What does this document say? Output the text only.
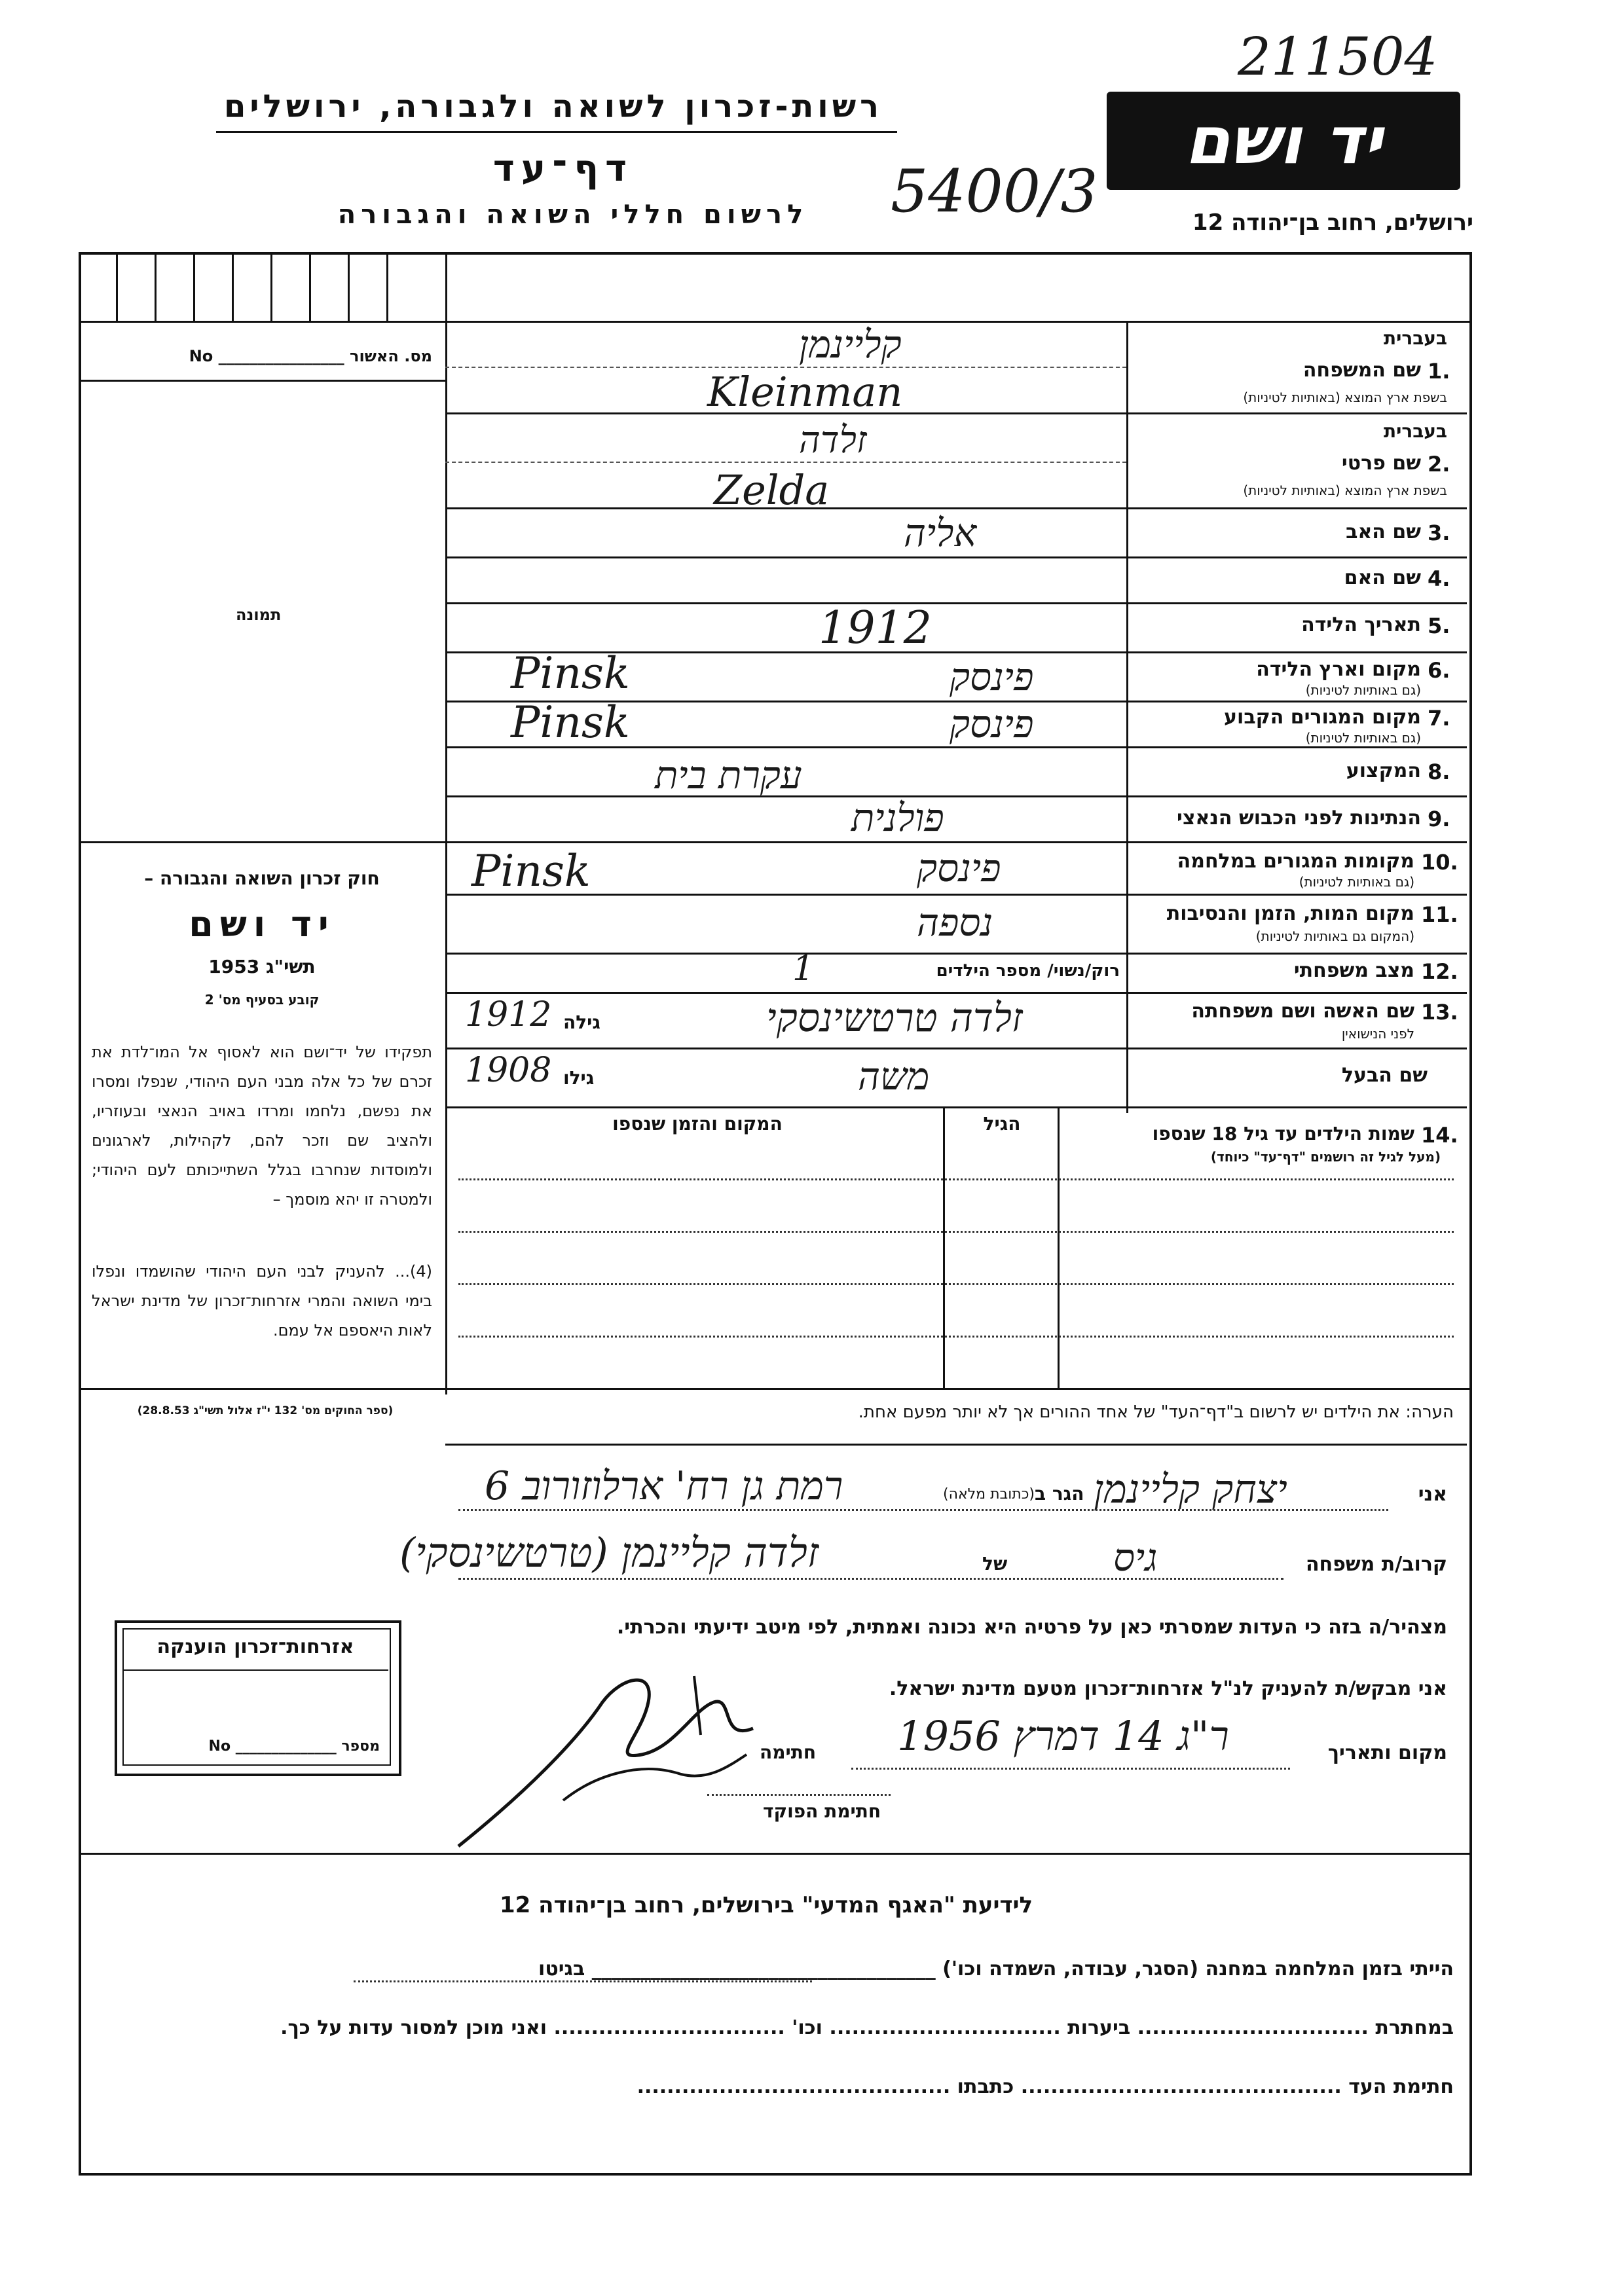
רשות-זכרון לשואה ולגבורה, ירושלים
דף־עד
לרשום חללי השואה והגבורה
יד ושם
ירושלים, רחוב בן־יהודה 12
211504
5400/3
מס. האשור ________________ No
תמונה
חוק זכרון השואה והגבורה –
יד ושם
תשי"ג 1953
קובע בסעיף מס' 2
תפקידו של יד־ושם הוא לאסוף אל המו־לדת את זכרם של כל אלה מבני העם היהודי, שנפלו ומסרו את נפשם, נלחמו ומרדו באויב הנאצי ובעוזריו, ולהציב שם וזכר להם, לקהילות, לארגונים ולמוסדות שנחרבו בגלל השתייכותם לעם היהודי; ולמטרה זו יהא מוסמך –
(4)... להעניק לבני העם היהודי שהושמדו ונפלו בימי השואה והמרי אזרחות־זכרון של מדינת ישראל לאות היאספם אל עמם.
(ספר החוקים מס' 132 י"ז אלול תשי"ג 28.8.53)
בעברית
1.
שם המשפחה
בשפת ארץ המוצא (באותיות לטיניות)
קליינמן
Kleinman
בעברית
2.
שם פרטי
בשפת ארץ המוצא (באותיות לטיניות)
זלדה
Zelda
3.
שם האב
אליה
4.
שם האם
5.
תאריך הלידה
1912
6.
מקום וארץ הלידה
(גם באותיות לטיניות)
פינסק
Pinsk
7.
מקום המגורים הקבוע
(גם באותיות לטיניות)
פינסק
Pinsk
8.
המקצוע
עקרת בית
9.
הנתינות לפני הכבוש הנאצי
פולנית
10.
מקומות המגורים במלחמה
(גם באותיות לטיניות)
פינסק
Pinsk
11.
מקום המות, הזמן והנסיבות
(המקום גם באותיות לטיניות)
נספה
12.
מצב משפחתי
רוק/נשוי/ מספר הילדים
1
13.
שם האשה ושם משפחתה
לפני הנישואין
זלדה טרטשינסקי
גילה
1912
שם הבעל
משה
גילו
1908
14.
שמות הילדים עד גיל 18 שנספו
(מעל לגיל זה רושמים "דף־עד" כיוחד)
הגיל
המקום והזמן שנספו
הערה: את הילדים יש לרשום ב"דף־העד" של אחד ההורים אך לא יותר מפעם אחת.
אני
יצחק קליינמן
הגר ב
(כתובת מלאה)
רמת גן רח' ארלוזורוב 6
קרוב/ת משפחה
גיס
של
זלדה קליינמן (טרטשינסקי)
מצהיר/ה בזה כי העדות שמסרתי כאן על פרטיה היא נכונה ואמתית, לפי מיטב ידיעתי והכרתי.
אני מבקש/ת להעניק לנ"ל אזרחות־זכרון מטעם מדינת ישראל.
מקום ותאריך
ר"ג 14 דמרץ 1956
חתימה
חתימת הפוקד
אזרחות־זכרון הוענקה
מספר ______________ No
לידיעת "האגף המדעי" בירושלים, רחוב בן־יהודה 12
הייתי בזמן המלחמה במחנה (הסגר, עבודה, השמדה וכו') ___________________________________ בגיטו
במחתרת ............................... ביערות ............................... וכו' ............................... ואני מוכן למסור עדות על כך.
חתימת העד ........................................... כתבתו ..........................................
